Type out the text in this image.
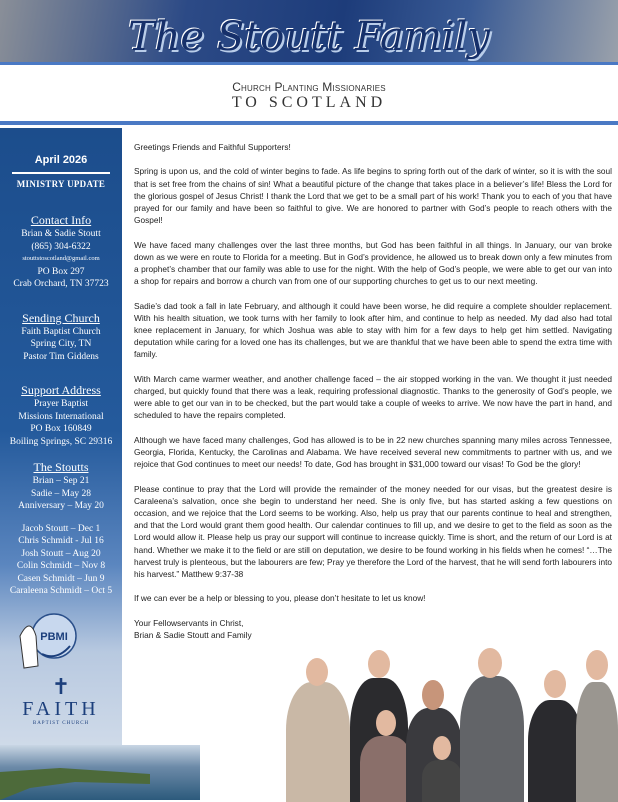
The Stoutt Family
Church Planting Missionaries
TO SCOTLAND
April 2026
MINISTRY UPDATE
Contact Info
Brian & Sadie Stoutt
(865) 304-6322
stouttstoscotland@gmail.com
PO Box 297
Crab Orchard, TN 37723
Sending Church
Faith Baptist Church
Spring City, TN
Pastor Tim Giddens
Support Address
Prayer Baptist
Missions International
PO Box 160849
Boiling Springs, SC 29316
The Stoutts
Brian – Sep 21
Sadie – May 28
Anniversary – May 20
Jacob Stoutt – Dec 1
Chris Schmidt - Jul 16
Josh Stoutt – Aug 20
Colin Schmidt – Nov 8
Casen Schmidt – Jun 9
Caraleena Schmidt – Oct 5
PBMI
✝
FAITH
BAPTIST CHURCH

Greetings Friends and Faithful Supporters!

Spring is upon us, and the cold of winter begins to fade. As life begins to spring forth out of the dark of winter, so it is with the soul that is set free from the chains of sin! What a beautiful picture of the change that takes place in a believer’s life! Bless the Lord for the glorious gospel of Jesus Christ! I thank the Lord that we get to be a small part of his work! Thank you to each of you that have prayed for our family and have been so faithful to give. We are honored to partner with God’s people to reach others with the Gospel!

We have faced many challenges over the last three months, but God has been faithful in all things. In January, our van broke down as we were en route to Florida for a meeting. But in God’s providence, he allowed us to break down only a few minutes from a prophet’s chamber that our family was able to use for the night. With the help of God’s people, we were able to get our van into a shop for repairs and borrow a church van from one of our supporting churches to get us to our next meeting.

Sadie’s dad took a fall in late February, and although it could have been worse, he did require a complete shoulder replacement. With his health situation, we took turns with her family to look after him, and continue to help as needed. My dad also had total knee replacement in January, for which Joshua was able to stay with him for a few days to help get him settled. Navigating deputation while caring for a loved one has its challenges, but we are thankful that we have been able to spend the extra time with family.

With March came warmer weather, and another challenge faced – the air stopped working in the van. We thought it just needed charged, but quickly found that there was a leak, requiring professional diagnostic. Thanks to the generosity of God’s people, we were able to get our van in to be checked, but the part would take a couple of weeks to arrive. We now have the part in hand, and scheduled to have the repairs completed.

Although we have faced many challenges, God has allowed is to be in 22 new churches spanning many miles across Tennessee, Georgia, Florida, Kentucky, the Carolinas and Alabama. We have received several new commitments to partner with us, and we rejoice that God continues to meet our needs! To date, God has brought in $31,000 toward our visas! To God be the glory!

Please continue to pray that the Lord will provide the remainder of the money needed for our visas, but the greatest desire is Caraleena’s salvation, once she begin to understand her need. She is only five, but has started asking a few questions on occasion, and we rejoice that the Lord seems to be working. Also, help us pray that our parents continue to heal and strengthen, and that the Lord would grant them good health. Our calendar continues to fill up, and we desire to get to the field as soon as the Lord would allow it. Please help us pray our support will continue to increase quickly. Time is short, and the return of our Lord is at hand. Whether we make it to the field or are still on deputation, we desire to be found working in his fields when he comes! “…The harvest truly is plenteous, but the labourers are few; Pray ye therefore the Lord of the harvest, that he will send forth labourers into his harvest.” Matthew 9:37-38

If we can ever be a help or blessing to you, please don’t hesitate to let us know!

Your Fellowservants in Christ,

Brian & Sadie Stoutt and Family
